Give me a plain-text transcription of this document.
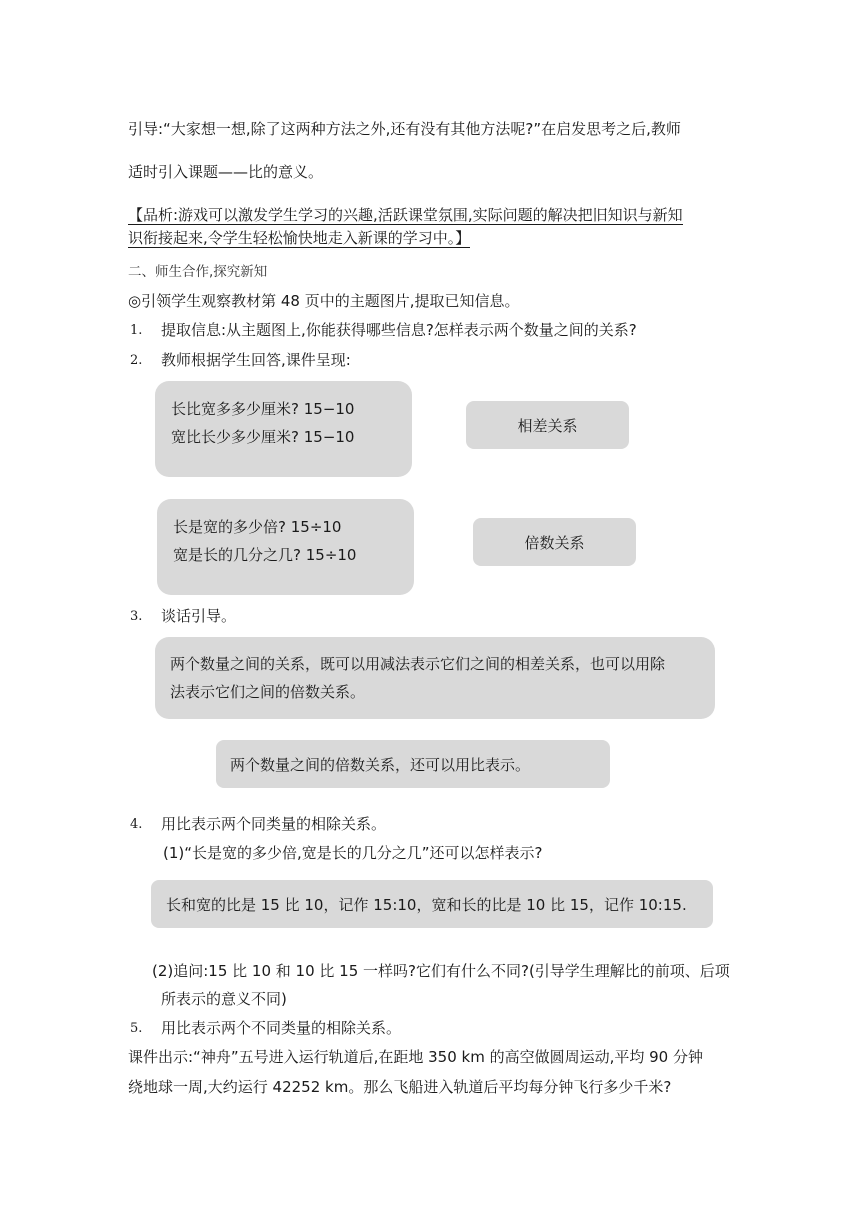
引导:“大家想一想,除了这两种方法之外,还有没有其他方法呢?”在启发思考之后,教师
适时引入课题——比的意义。
【品析:游戏可以激发学生学习的兴趣,活跃课堂氛围,实际问题的解决把旧知识与新知
识衔接起来,令学生轻松愉快地走入新课的学习中。】
二、师生合作,探究新知
◎引领学生观察教材第 48 页中的主题图片,提取已知信息。
1. 提取信息:从主题图上,你能获得哪些信息?怎样表示两个数量之间的关系?
2. 教师根据学生回答,课件呈现:

长比宽多多少厘米? 15−10

宽比长少多少厘米? 15−10

相差关系

长是宽的多少倍? 15÷10

宽是长的几分之几? 15÷10

倍数关系
3. 谈话引导。

两个数量之间的关系，既可以用减法表示它们之间的相差关系，也可以用除

法表示它们之间的倍数关系。

两个数量之间的倍数关系，还可以用比表示。
4. 用比表示两个同类量的相除关系。
(1)“长是宽的多少倍,宽是长的几分之几”还可以怎样表示?
长和宽的比是 15 比 10，记作 15:10，宽和长的比是 10 比 15，记作 10:15.
(2)追问:15 比 10 和 10 比 15 一样吗?它们有什么不同?(引导学生理解比的前项、后项
所表示的意义不同)
5. 用比表示两个不同类量的相除关系。
课件出示:“神舟”五号进入运行轨道后,在距地 350 km 的高空做圆周运动,平均 90 分钟
绕地球一周,大约运行 42252 km。那么飞船进入轨道后平均每分钟飞行多少千米?
